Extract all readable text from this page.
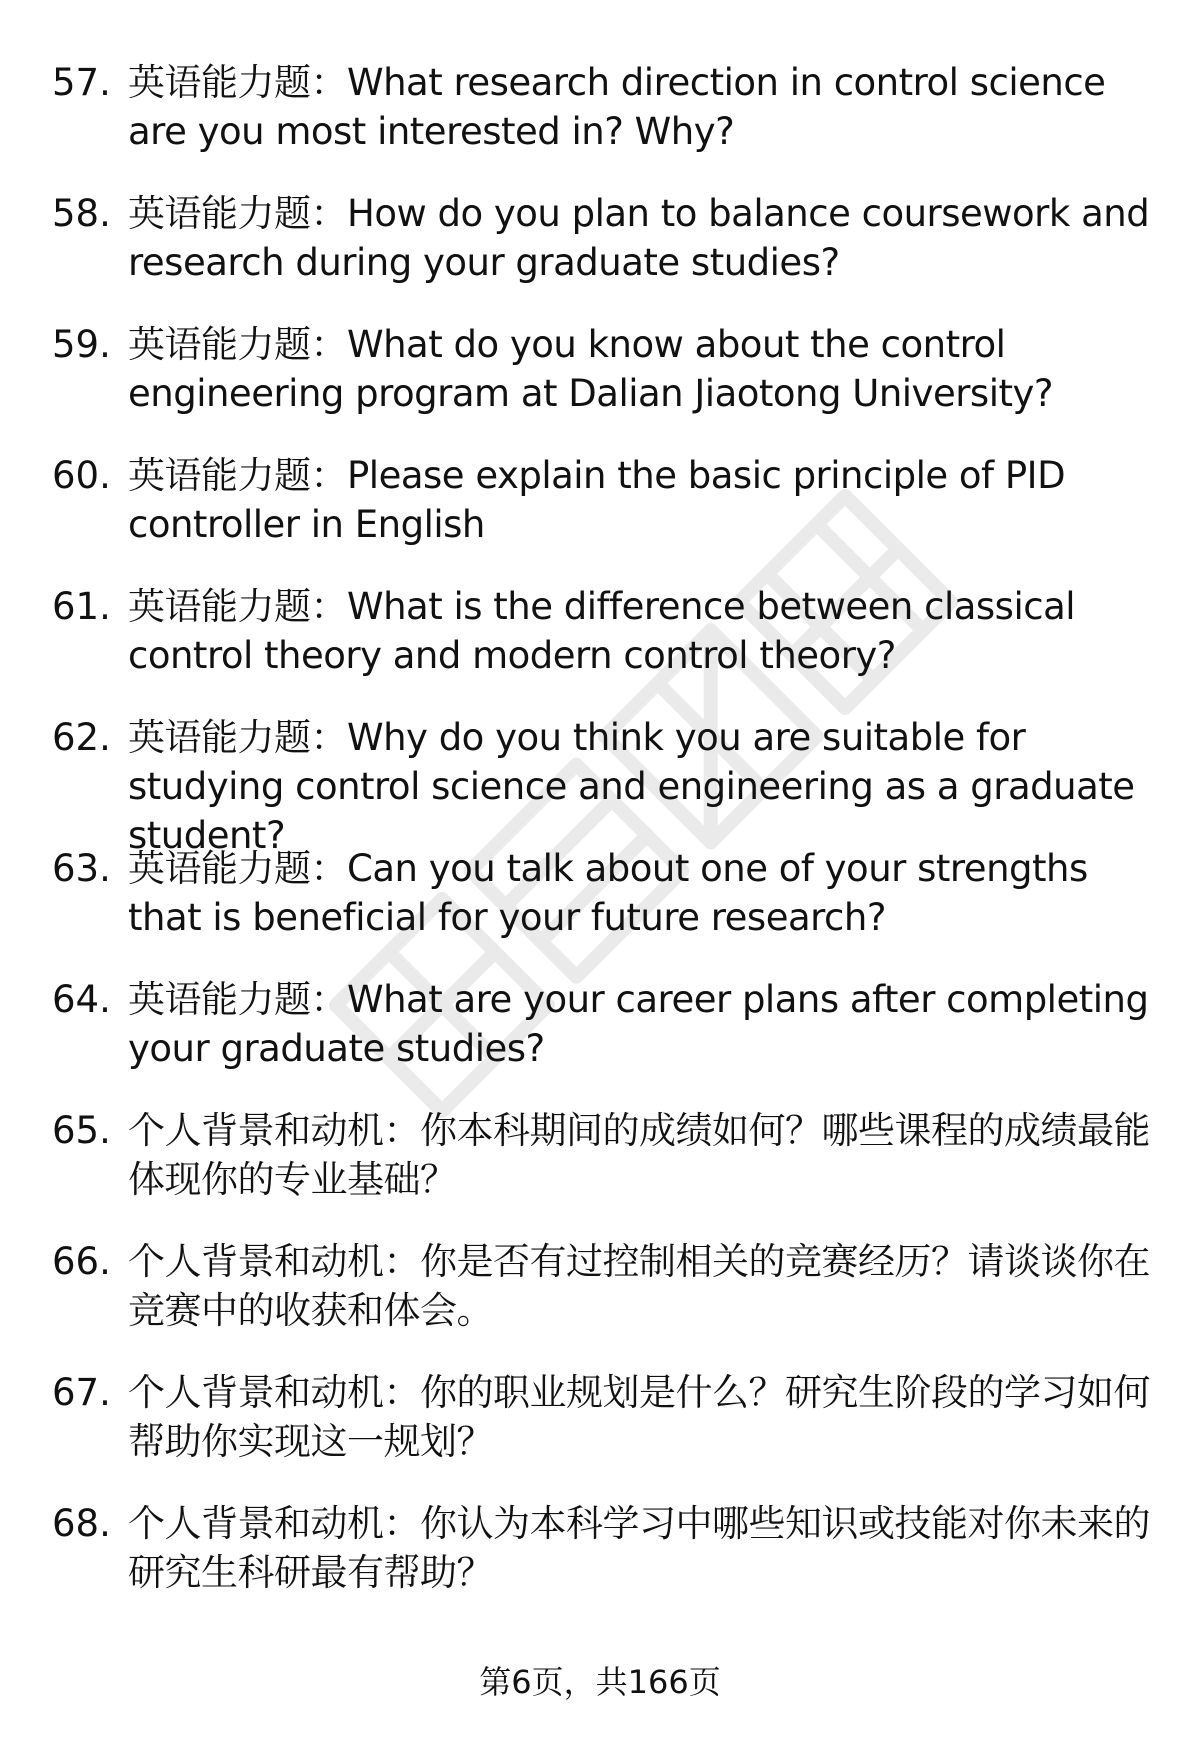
57. 英语能力题：What research direction in control science are you most interested in? Why?
58. 英语能力题：How do you plan to balance coursework and research during your graduate studies?
59. 英语能力题：What do you know about the control engineering program at Dalian Jiaotong University?
60. 英语能力题：Please explain the basic principle of PID controller in English
61. 英语能力题：What is the difference between classical control theory and modern control theory?
62. 英语能力题：Why do you think you are suitable for studying control science and engineering as a graduate student?
63. 英语能力题：Can you talk about one of your strengths that is beneficial for your future research?
64. 英语能力题：What are your career plans after completing your graduate studies?
65. 个人背景和动机：你本科期间的成绩如何？哪些课程的成绩最能体现你的专业基础？
66. 个人背景和动机：你是否有过控制相关的竞赛经历？请谈谈你在竞赛中的收获和体会。
67. 个人背景和动机：你的职业规划是什么？研究生阶段的学习如何帮助你实现这一规划？
68. 个人背景和动机：你认为本科学习中哪些知识或技能对你未来的研究生科研最有帮助？
第6页，共166页
